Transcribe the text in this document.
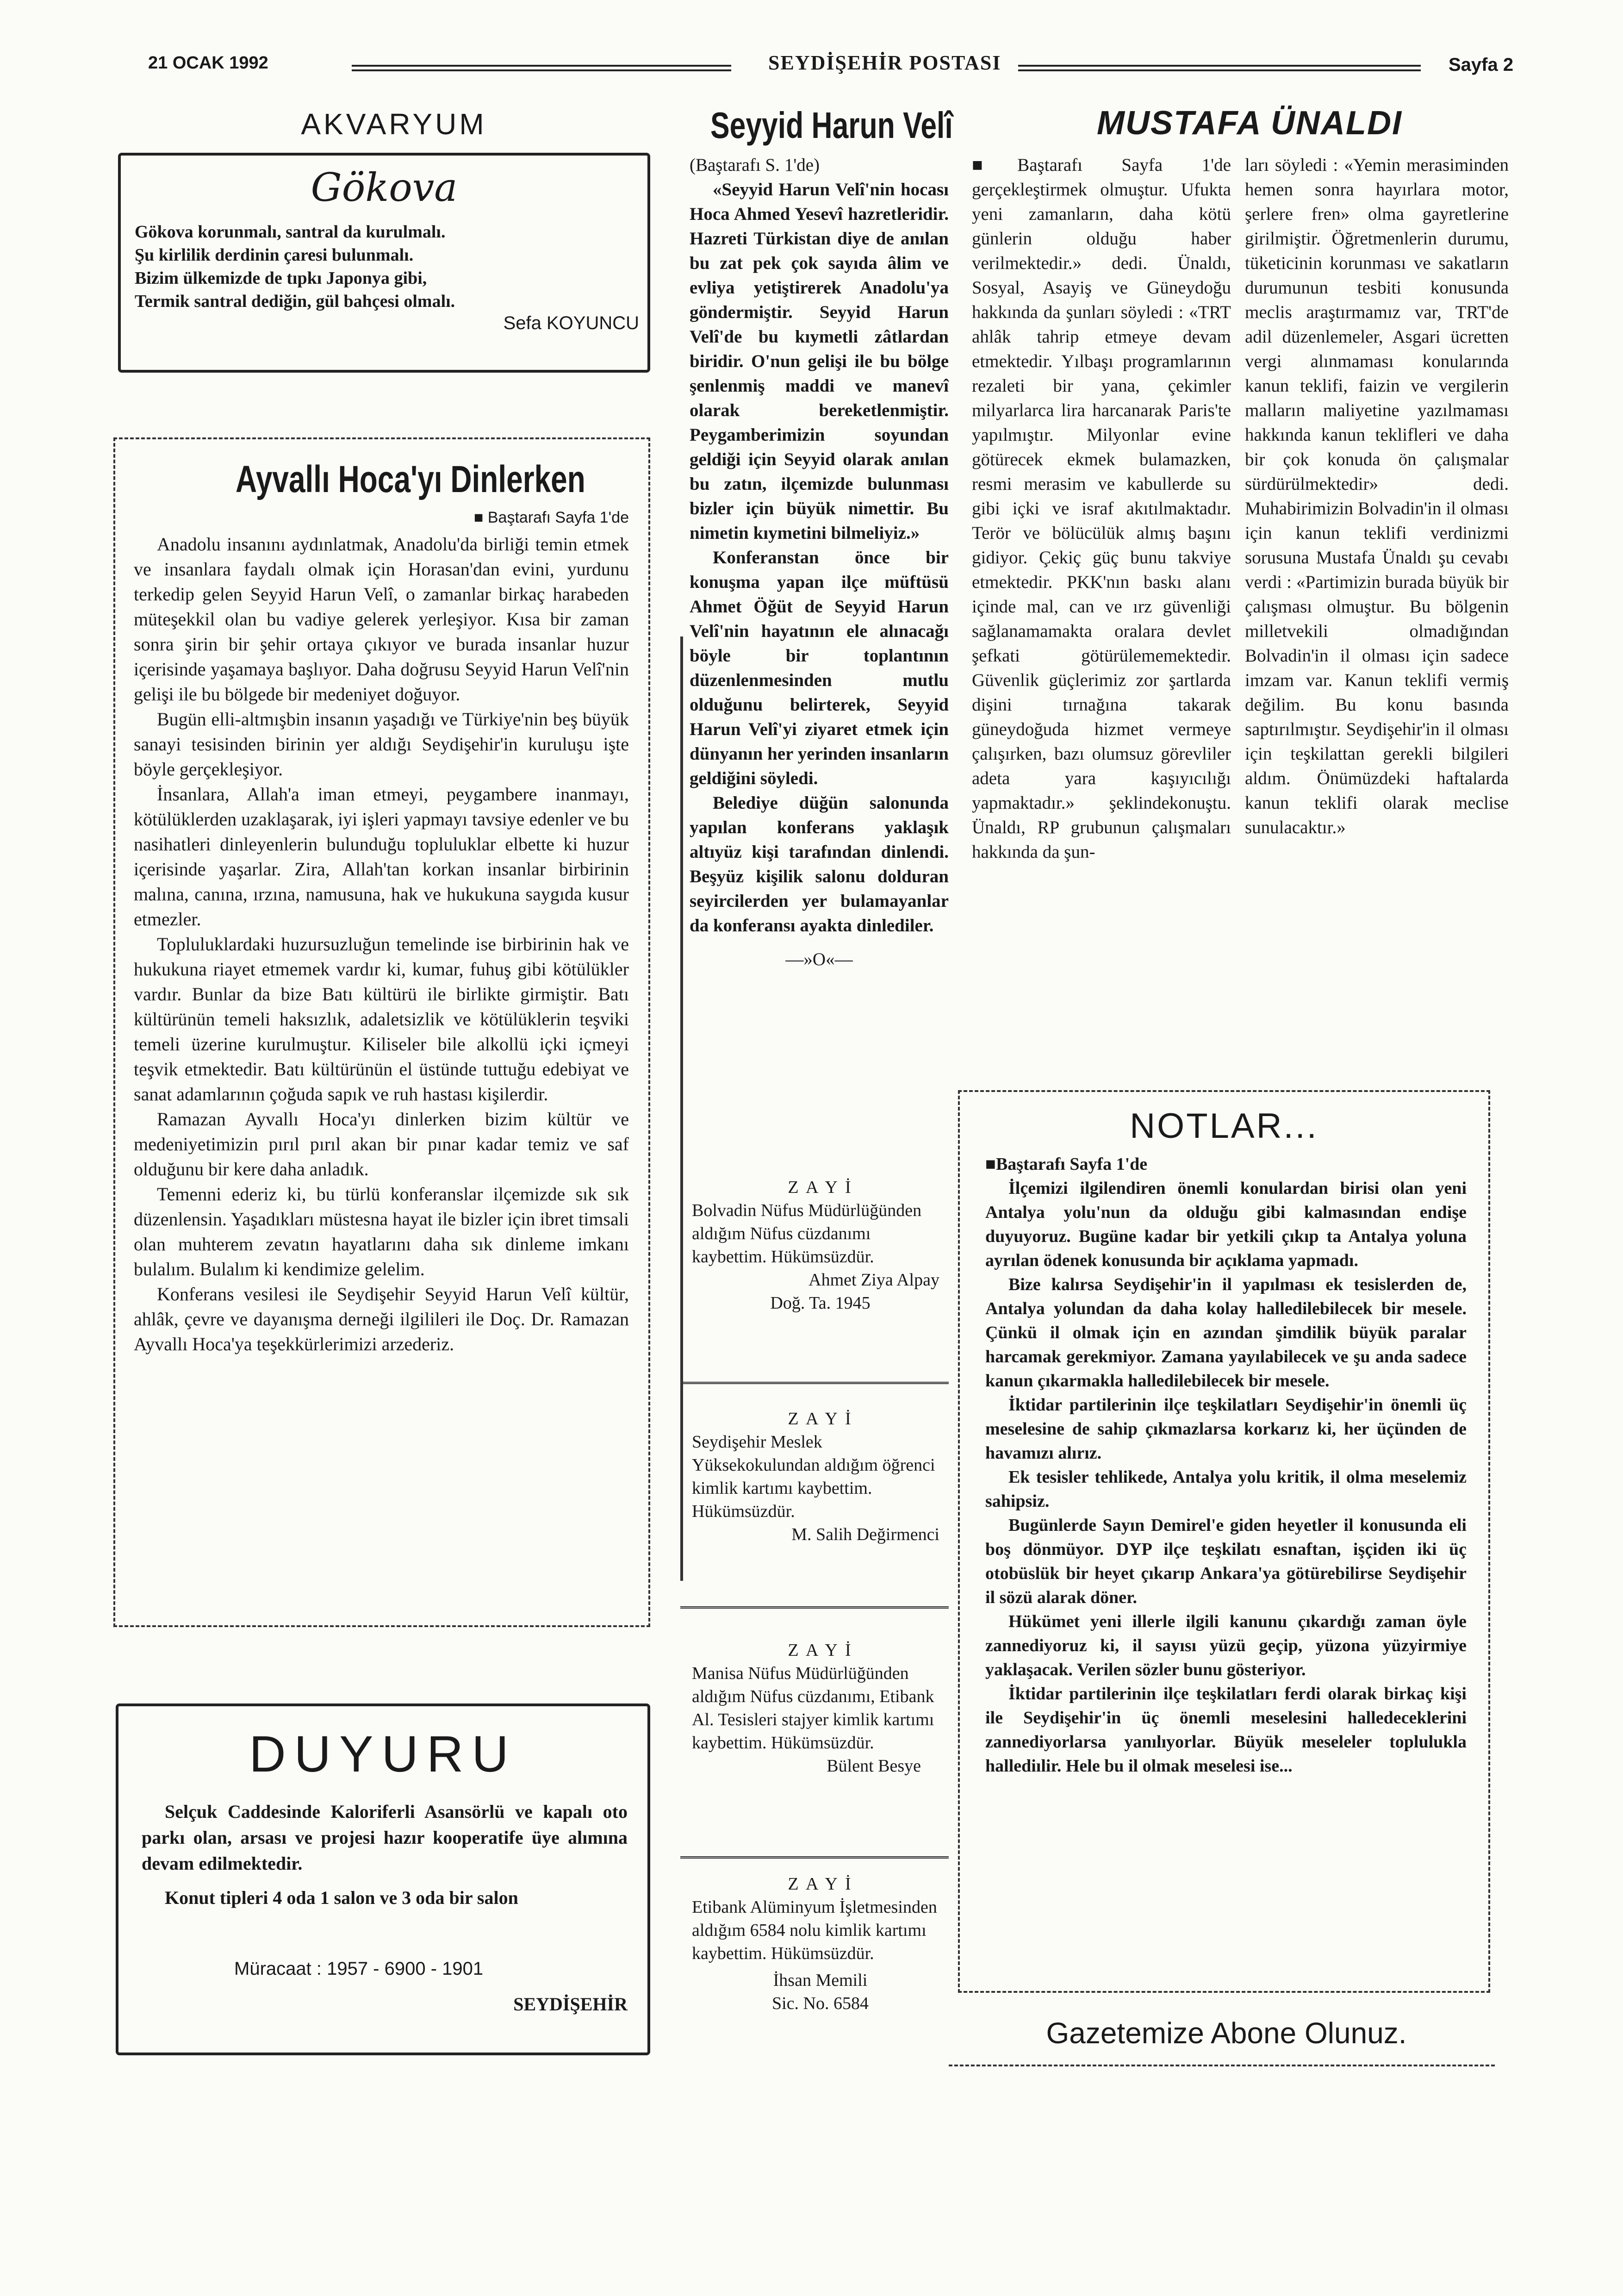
21 OCAK 1992	SEYDİŞEHİR POSTASI	Sayfa 2
AKVARYUM
Gökova
Gökova korunmalı, santral da kurulmalı.
Şu kirlilik derdinin çaresi bulunmalı.
Bizim ülkemizde de tıpkı Japonya gibi,
Termik santral dediğin, gül bahçesi olmalı.
Sefa KOYUNCU
Ayvallı Hoca'yı Dinlerken
■ Baştarafı Sayfa 1'de

Anadolu insanını aydınlatmak, Anadolu'da birliği temin etmek ve insanlara faydalı olmak için Horasan'dan evini, yurdunu terkedip gelen Seyyid Harun Velî, o zamanlar birkaç harabeden müteşekkil olan bu vadiye gelerek yerleşiyor. Kısa bir zaman sonra şirin bir şehir ortaya çıkıyor ve burada insanlar huzur içerisinde yaşamaya başlıyor. Daha doğrusu Seyyid Harun Velî'nin gelişi ile bu bölgede bir medeniyet doğuyor.

Bugün elli-altmışbin insanın yaşadığı ve Türkiye'nin beş büyük sanayi tesisinden birinin yer aldığı Seydişehir'in kuruluşu işte böyle gerçekleşiyor.

İnsanlara, Allah'a iman etmeyi, peygambere inanmayı, kötülüklerden uzaklaşarak, iyi işleri yapmayı tavsiye edenler ve bu nasihatleri dinleyenlerin bulunduğu topluluklar elbette ki huzur içerisinde yaşarlar. Zira, Allah'tan korkan insanlar birbirinin malına, canına, ırzına, namusuna, hak ve hukukuna saygıda kusur etmezler.

Topluluklardaki huzursuzluğun temelinde ise birbirinin hak ve hukukuna riayet etmemek vardır ki, kumar, fuhuş gibi kötülükler vardır. Bunlar da bize Batı kültürü ile birlikte girmiştir. Batı kültürünün temeli haksızlık, adaletsizlik ve kötülüklerin teşviki temeli üzerine kurulmuştur. Kiliseler bile alkollü içki içmeyi teşvik etmektedir. Batı kültürünün el üstünde tuttuğu edebiyat ve sanat adamlarının çoğuda sapık ve ruh hastası kişilerdir.

Ramazan Ayvallı Hoca'yı dinlerken bizim kültür ve medeniyetimizin pırıl pırıl akan bir pınar kadar temiz ve saf olduğunu bir kere daha anladık.

Temenni ederiz ki, bu türlü konferanslar ilçemizde sık sık düzenlensin. Yaşadıkları müstesna hayat ile bizler için ibret timsali olan muhterem zevatın hayatlarını daha sık dinleme imkanı bulalım. Bulalım ki kendimize gelelim.

Konferans vesilesi ile Seydişehir Seyyid Harun Velî kültür, ahlâk, çevre ve dayanışma derneği ilgilileri ile Doç. Dr. Ramazan Ayvallı Hoca'ya teşekkürlerimizi arzederiz.

DUYURU

Selçuk Caddesinde Kaloriferli Asansörlü ve kapalı oto parkı olan, arsası ve projesi hazır kooperatife üye alımına devam edilmektedir.

Konut tipleri 4 oda 1 salon ve 3 oda bir salon

Müracaat : 1957 - 6900 - 1901
SEYDİŞEHİR
Seyyid Harun Velî

(Baştarafı S. 1'de)

«Seyyid Harun Velî'nin hocası Hoca Ahmed Yesevî hazretleridir. Hazreti Türkistan diye de anılan bu zat pek çok sayıda âlim ve evliya yetiştirerek Anadolu'ya göndermiştir. Seyyid Harun Velî'de bu kıymetli zâtlardan biridir. O'nun gelişi ile bu bölge şenlenmiş maddi ve manevî olarak bereketlenmiştir. Peygamberimizin soyundan geldiği için Seyyid olarak anılan bu zatın, ilçemizde bulunması bizler için büyük nimettir. Bu nimetin kıymetini bilmeliyiz.»

Konferanstan önce bir konuşma yapan ilçe müftüsü Ahmet Öğüt de Seyyid Harun Velî'nin hayatının ele alınacağı böyle bir toplantının düzenlenmesinden mutlu olduğunu belirterek, Seyyid Harun Velî'yi ziyaret etmek için dünyanın her yerinden insanların geldiğini söyledi.

Belediye düğün salonunda yapılan konferans yaklaşık altıyüz kişi tarafından dinlendi. Beşyüz kişilik salonu dolduran seyircilerden yer bulamayanlar da konferansı ayakta dinlediler.

—»O«—

Z A Y İ
Bolvadin Nüfus Müdürlüğünden aldığım Nüfus cüzdanımı kaybettim. Hükümsüzdür.
Ahmet Ziya Alpay
Doğ. Ta. 1945
Z A Y İ
Seydişehir Meslek Yüksekokulundan aldığım öğrenci kimlik kartımı kaybettim. Hükümsüzdür.
M. Salih Değirmenci
Z A Y İ
Manisa Nüfus Müdürlüğünden aldığım Nüfus cüzdanımı, Etibank Al. Tesisleri stajyer kimlik kartımı kaybettim. Hükümsüzdür.
Bülent Besye
Z A Y İ
Etibank Alüminyum İşletmesinden aldığım 6584 nolu kimlik kartımı kaybettim. Hükümsüzdür.
İhsan Memili
Sic. No. 6584
MUSTAFA ÜNALDI
■Baştarafı Sayfa 1'de gerçekleştirmek olmuştur. Ufukta yeni zamanların, daha kötü günlerin olduğu haber verilmektedir.» dedi. Ünaldı, Sosyal, Asayiş ve Güneydoğu hakkında da şunları söyledi : «TRT ahlâk tahrip etmeye devam etmektedir. Yılbaşı programlarının rezaleti bir yana, çekimler milyarlarca lira harcanarak Paris'te yapılmıştır. Milyonlar evine götürecek ekmek bulamazken, resmi merasim ve kabullerde su gibi içki ve israf akıtılmaktadır. Terör ve bölücülük almış başını gidiyor. Çekiç güç bunu takviye etmektedir. PKK'nın baskı alanı içinde mal, can ve ırz güvenliği sağlanamamakta oralara devlet şefkati götürülememektedir. Güvenlik güçlerimiz zor şartlarda dişini tırnağına takarak güneydoğuda hizmet vermeye çalışırken, bazı olumsuz görevliler adeta yara kaşıyıcılığı yapmaktadır.» şeklindekonuştu. Ünaldı, RP grubunun çalışmaları hakkında da şun-
ları söyledi : «Yemin merasiminden hemen sonra hayırlara motor, şerlere fren» olma gayretlerine girilmiştir. Öğretmenlerin durumu, tüketicinin korunması ve sakatların durumunun tesbiti konusunda meclis araştırmamız var, TRT'de adil düzenlemeler, Asgari ücretten vergi alınmaması konularında kanun teklifi, faizin ve vergilerin malların maliyetine yazılmaması hakkında kanun teklifleri ve daha bir çok konuda ön çalışmalar sürdürülmektedir» dedi. Muhabirimizin Bolvadin'in il olması için kanun teklifi verdinizmi sorusuna Mustafa Ünaldı şu cevabı verdi : «Partimizin burada büyük bir çalışması olmuştur. Bu bölgenin milletvekili olmadığından Bolvadin'in il olması için sadece imzam var. Kanun teklifi vermiş değilim. Bu konu basında saptırılmıştır. Seydişehir'in il olması için teşkilattan gerekli bilgileri aldım. Önümüzdeki haftalarda kanun teklifi olarak meclise sunulacaktır.»
NOTLAR...

■Baştarafı Sayfa 1'de

İlçemizi ilgilendiren önemli konulardan birisi olan yeni Antalya yolu'nun da olduğu gibi kalmasından endişe duyuyoruz. Bugüne kadar bir yetkili çıkıp ta Antalya yoluna ayrılan ödenek konusunda bir açıklama yapmadı.

Bize kalırsa Seydişehir'in il yapılması ek tesislerden de, Antalya yolundan da daha kolay halledilebilecek bir mesele. Çünkü il olmak için en azından şimdilik büyük paralar harcamak gerekmiyor. Zamana yayılabilecek ve şu anda sadece kanun çıkarmakla halledilebilecek bir mesele.

İktidar partilerinin ilçe teşkilatları Seydişehir'in önemli üç meselesine de sahip çıkmazlarsa korkarız ki, her üçünden de havamızı alırız.

Ek tesisler tehlikede, Antalya yolu kritik, il olma meselemiz sahipsiz.

Bugünlerde Sayın Demirel'e giden heyetler il konusunda eli boş dönmüyor. DYP ilçe teşkilatı esnaftan, işçiden iki üç otobüslük bir heyet çıkarıp Ankara'ya götürebilirse Seydişehir il sözü alarak döner.

Hükümet yeni illerle ilgili kanunu çıkardığı zaman öyle zannediyoruz ki, il sayısı yüzü geçip, yüzona yüzyirmiye yaklaşacak. Verilen sözler bunu gösteriyor.

İktidar partilerinin ilçe teşkilatları ferdi olarak birkaç kişi ile Seydişehir'in üç önemli meselesini halledeceklerini zannediyorlarsa yanılıyorlar. Büyük meseleler toplulukla hallediılir. Hele bu il olmak meselesi ise...

Gazetemize Abone Olunuz.
